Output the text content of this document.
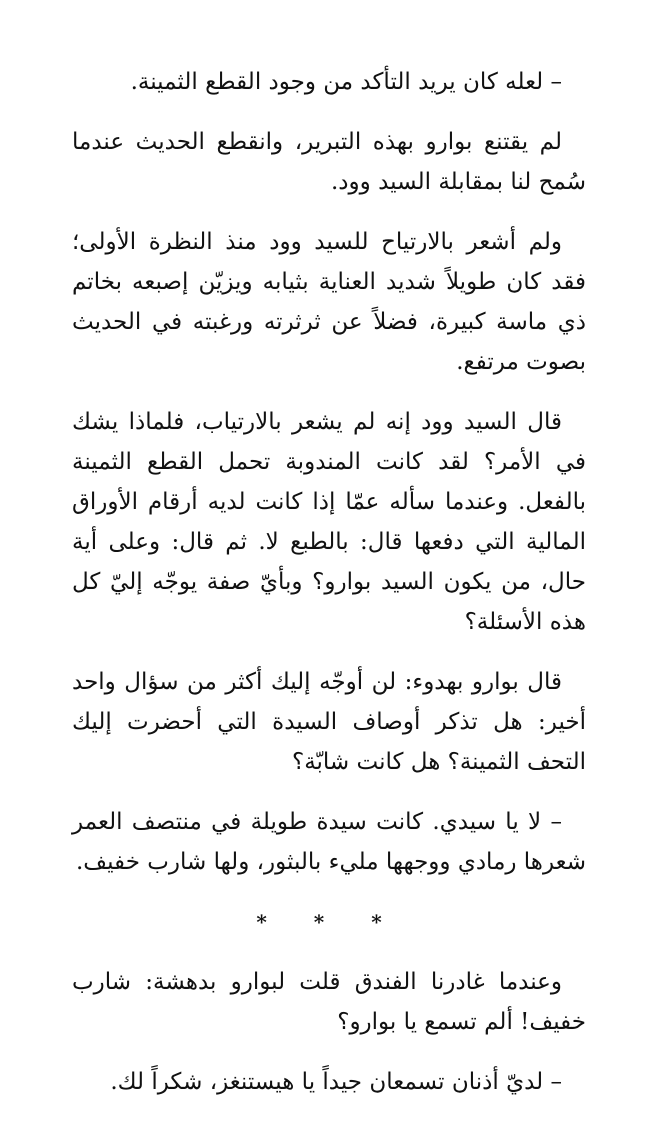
– لعله كان يريد التأكد من وجود القطع الثمينة.

لم يقتنع بوارو بهذه التبرير، وانقطع الحديث عندما سُمح لنا بمقابلة السيد وود.

ولم أشعر بالارتياح للسيد وود منذ النظرة الأولى؛ فقد كان طويلاً شديد العناية بثيابه ويزيّن إصبعه بخاتم ذي ماسة كبيرة، فضلاً عن ثرثرته ورغبته في الحديث بصوت مرتفع.

قال السيد وود إنه لم يشعر بالارتياب، فلماذا يشك في الأمر؟ لقد كانت المندوبة تحمل القطع الثمينة بالفعل. وعندما سأله عمّا إذا كانت لديه أرقام الأوراق المالية التي دفعها قال: بالطبع لا. ثم قال: وعلى أية حال، من يكون السيد بوارو؟ وبأيّ صفة يوجّه إليّ كل هذه الأسئلة؟

قال بوارو بهدوء: لن أوجّه إليك أكثر من سؤال واحد أخير: هل تذكر أوصاف السيدة التي أحضرت إليك التحف الثمينة؟ هل كانت شابّة؟

– لا يا سيدي. كانت سيدة طويلة في منتصف العمر شعرها رمادي ووجهها مليء بالبثور، ولها شارب خفيف.

* * *

وعندما غادرنا الفندق قلت لبوارو بدهشة: شارب خفيف! ألم تسمع يا بوارو؟

– لديّ أذنان تسمعان جيداً يا هيستنغز، شكراً لك.
